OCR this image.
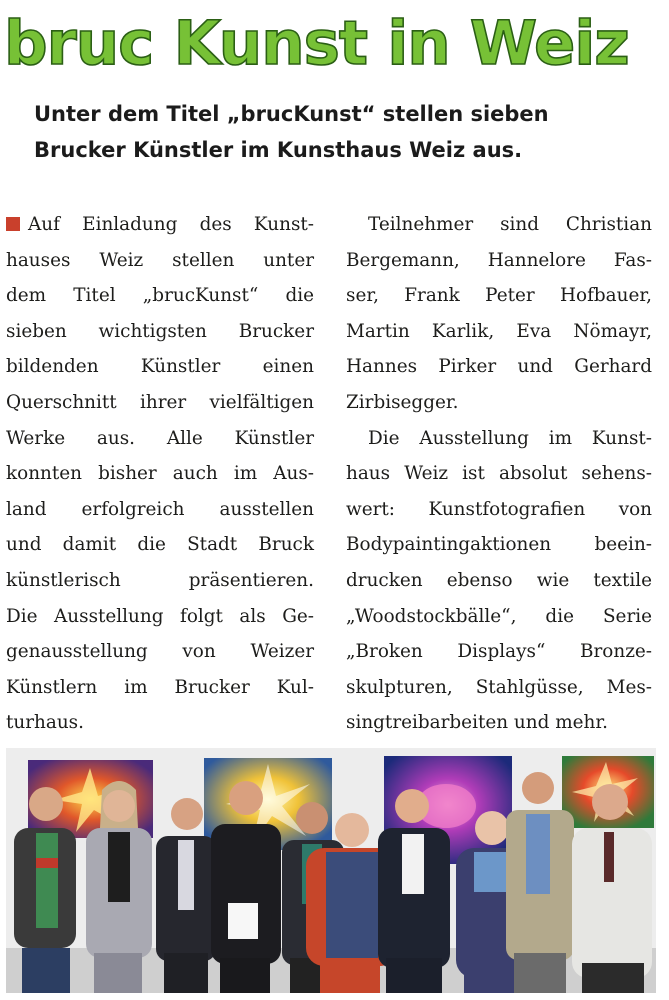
bruc Kunst in Weiz
Unter dem Titel „brucKunst“ stellen sieben
Brucker Künstler im Kunsthaus Weiz aus.
Auf Einladung des Kunst-
hauses Weiz stellen unter
dem Titel „brucKunst“ die
sieben wichtigsten Brucker
bildenden Künstler einen
Querschnitt ihrer vielfältigen
Werke aus. Alle Künstler
konnten bisher auch im Aus-
land erfolgreich ausstellen
und damit die Stadt Bruck
künstlerisch präsentieren.
Die Ausstellung folgt als Ge-
genausstellung von Weizer
Künstlern im Brucker Kul-
turhaus.
Teilnehmer sind Christian
Bergemann, Hannelore Fas-
ser, Frank Peter Hofbauer,
Martin Karlik, Eva Nömayr,
Hannes Pirker und Gerhard
Zirbisegger.
Die Ausstellung im Kunst-
haus Weiz ist absolut sehens-
wert: Kunstfotografien von
Bodypaintingaktionen beein-
drucken ebenso wie textile
„Woodstockbälle“, die Serie
„Broken Displays“ Bronze-
skulpturen, Stahlgüsse, Mes-
singtreibarbeiten und mehr.
